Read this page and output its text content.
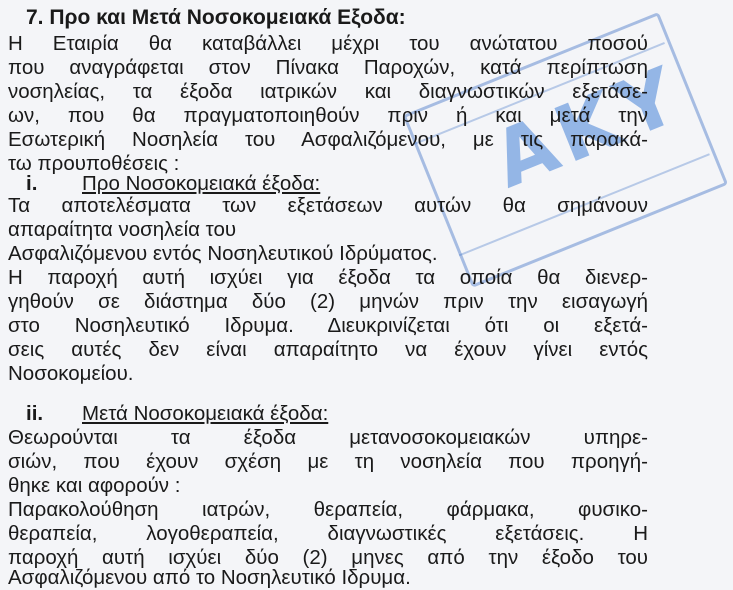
ΑΚΥ
7. Προ και Μετά Νοσοκομειακά Εξοδα:
Η Εταιρία θα καταβάλλει μέχρι του ανώτατου ποσού
που αναγράφεται στον Πίνακα Παροχών, κατά περίπτωση
νοσηλείας, τα έξοδα ιατρικών και διαγνωστικών εξετάσε-
ων, που θα πραγματοποιηθούν πριν ή και μετά την
Εσωτερική Νοσηλεία του Ασφαλιζόμενου, με τις παρακά-
τω προυποθέσεις :
i. Προ Νοσοκομειακά έξοδα:
Τα αποτελέσματα των εξετάσεων αυτών θα σημάνουν
απαραίτητα νοσηλεία του
Ασφαλιζόμενου εντός Νοσηλευτικού Ιδρύματος.
Η παροχή αυτή ισχύει για έξοδα τα οποία θα διενερ-
γηθούν σε διάστημα δύο (2) μηνών πριν την εισαγωγή
στο Νοσηλευτικό Ιδρυμα. Διευκρινίζεται ότι οι εξετά-
σεις αυτές δεν είναι απαραίτητο να έχουν γίνει εντός
Νοσοκομείου.
ii. Μετά Νοσοκομειακά έξοδα:
Θεωρούνται τα έξοδα μετανοσοκομειακών υπηρε-
σιών, που έχουν σχέση με τη νοσηλεία που προηγή-
θηκε και αφορούν :
Παρακολούθηση ιατρών, θεραπεία, φάρμακα, φυσικο-
θεραπεία, λογοθεραπεία, διαγνωστικές εξετάσεις. Η
παροχή αυτή ισχύει δύο (2) μηνες από την έξοδο του
Ασφαλιζόμενου από το Νοσηλευτικό Ιδρυμα.
